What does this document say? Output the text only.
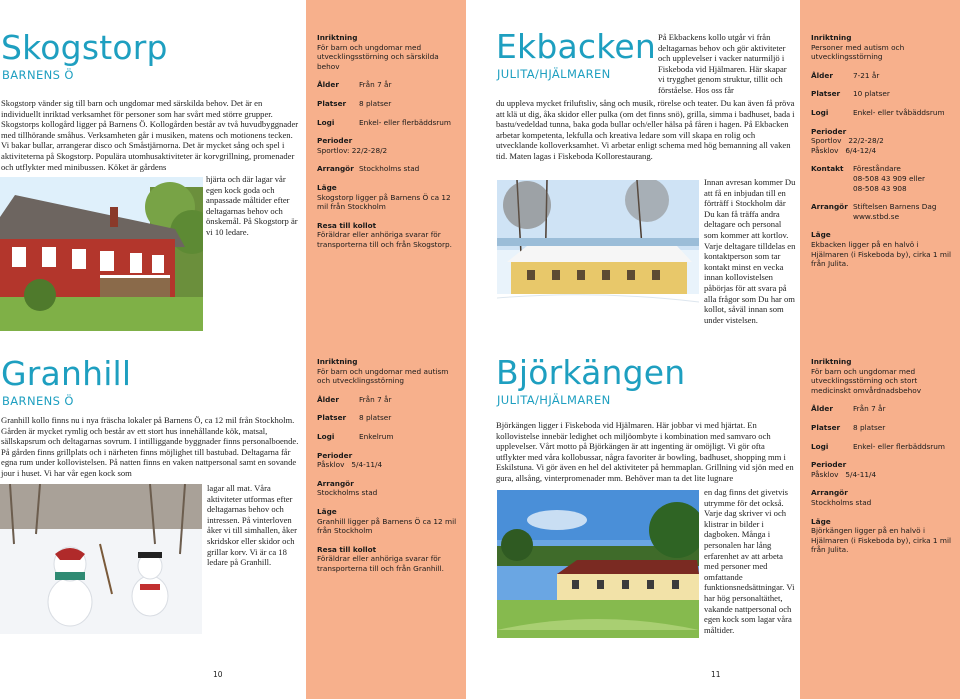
Skogstorp
BARNENS Ö
Skogstorp vänder sig till barn och ungdomar med särskilda behov. Det är en individuellt inriktad verksamhet för personer som har svårt med större grupper. Skogstorps kollogård ligger på Barnens Ö. Kollogården består av två huvudbyggnader med tillhörande småhus. Verksamheten går i musiken, matens och motionens tecken. Vi bakar bullar, arrangerar disco och Småstjärnorna. Det är mycket sång och spel i aktiviteterna på Skogstorp. Populära utomhusaktiviteter är korvgrillning, promenader och utflykter med minibussen. Köket är gårdens
hjärta och där lagar vår egen kock goda och anpassade måltider efter deltagarnas behov och önskemål. På Skogstorp är vi 10 ledare.
Inriktning
För barn och ungdomar med utvecklingsstörning och särskilda behov
Ålder	Från 7 år
Platser	8 platser
Logi	Enkel- eller flerbäddsrum
Perioder
Sportlov: 22/2-28/2
Arrangör Stockholms stad
Läge
Skogstorp ligger på Barnens Ö ca 12 mil från Stockholm
Resa till kollot
Föräldrar eller anhöriga svarar för transporterna till och från Skogstorp.
Granhill
BARNENS Ö
Granhill kollo finns nu i nya fräscha lokaler på Barnens Ö, ca 12 mil från Stockholm. Gården är mycket rymlig och består av ett stort hus innehållande kök, matsal, sällskapsrum och deltagarnas sovrum. I intilliggande byggnader finns personalboende. På gården finns grillplats och i närheten finns möjlighet till bastubad. Deltagarna får egna rum under kollovistelsen. På natten finns en vaken nattpersonal samt en sovande jour i huset. Vi har vår egen kock som
lagar all mat. Våra aktiviteter utformas efter deltagarnas behov och intressen. På vinterloven åker vi till simhallen, åker skridskor eller skidor och grillar korv. Vi är ca 18 ledare på Granhill.
Inriktning
För barn och ungdomar med autism och utvecklingsstörning
Ålder	Från 7 år
Platser	8 platser
Logi	Enkelrum
Perioder
Påsklov   5/4-11/4
Arrangör
Stockholms stad
Läge
Granhill ligger på Barnens Ö ca 12 mil från Stockholm
Resa till kollot
Föräldrar eller anhöriga svarar för transporterna till och från Granhill.
10
Ekbacken
JULITA/HJÄLMAREN
På Ekbackens kollo utgår vi från deltagarnas behov och gör aktiviteter och upplevelser i vacker naturmiljö i Fiskeboda vid Hjälmaren. Här skapar vi trygghet genom struktur, tillit och förståelse. Hos oss får
du uppleva mycket friluftsliv, sång och musik, rörelse och teater. Du kan även få pröva att klä ut dig, åka skidor eller pulka (om det finns snö), grilla, simma i badhuset, bada i bastu/vedeldad tunna, baka goda bullar och/eller hälsa på fåren i hagen. På Ekbacken arbetar kompetenta, lekfulla och kreativa ledare som vill skapa en rolig och utvecklande kolloverksamhet. Vi arbetar enligt schema med hög bemanning all vaken tid. Maten lagas i Fiskeboda Kollorestaurang.
Innan avresan kommer Du att få en inbjudan till en förträff i Stockholm där Du kan få träffa andra deltagare och personal som kommer att kortlov. Varje deltagare tilldelas en kontaktperson som tar kontakt minst en vecka innan kollovistelsen påbörjas för att svara på alla frågor som Du har om kollot, såväl innan som under vistelsen.
Inriktning
Personer med autism och utvecklingsstörning
Ålder	7-21 år
Platser	10 platser
Logi	Enkel- eller tvåbäddsrum
Perioder
Sportlov   22/2-28/2
Påsklov   6/4-12/4
Kontakt	Föreståndare
08-508 43 909 eller
08-508 43 908
Arrangör Stiftelsen Barnens Dag
www.stbd.se
Läge
Ekbacken ligger på en halvö i Hjälmaren (i Fiskeboda by), cirka 1 mil från Julita.
Björkängen
JULITA/HJÄLMAREN
Björkängen ligger i Fiskeboda vid Hjälmaren. Här jobbar vi med hjärtat. En kollovistelse innebär ledighet och miljöombyte i kombination med samvaro och upplevelser. Vårt motto på Björkängen är att ingenting är omöjligt. Vi gör ofta utflykter med våra kollobussar, några favoriter är bowling, badhuset, shopping mm i Eskilstuna. Vi gör även en hel del aktiviteter på hemmaplan. Grillning vid sjön med en gura, allsång, vinterpromenader mm. Behöver man ta det lite lugnare
en dag finns det givetvis utrymme för det också. Varje dag skriver vi och klistrar in bilder i dagboken. Många i personalen har lång erfarenhet av att arbeta med personer med omfattande funktionsnedsättningar. Vi har hög personaltäthet, vakande nattpersonal och egen kock som lagar våra måltider.
Inriktning
För barn och ungdomar med utvecklingsstörning och stort medicinskt omvårdnadsbehov
Ålder	Från 7 år
Platser	8 platser
Logi	Enkel- eller flerbäddsrum
Perioder
Påsklov   5/4-11/4
Arrangör
Stockholms stad
Läge
Björkängen ligger på en halvö i Hjälmaren (i Fiskeboda by), cirka 1 mil från Julita.
11
